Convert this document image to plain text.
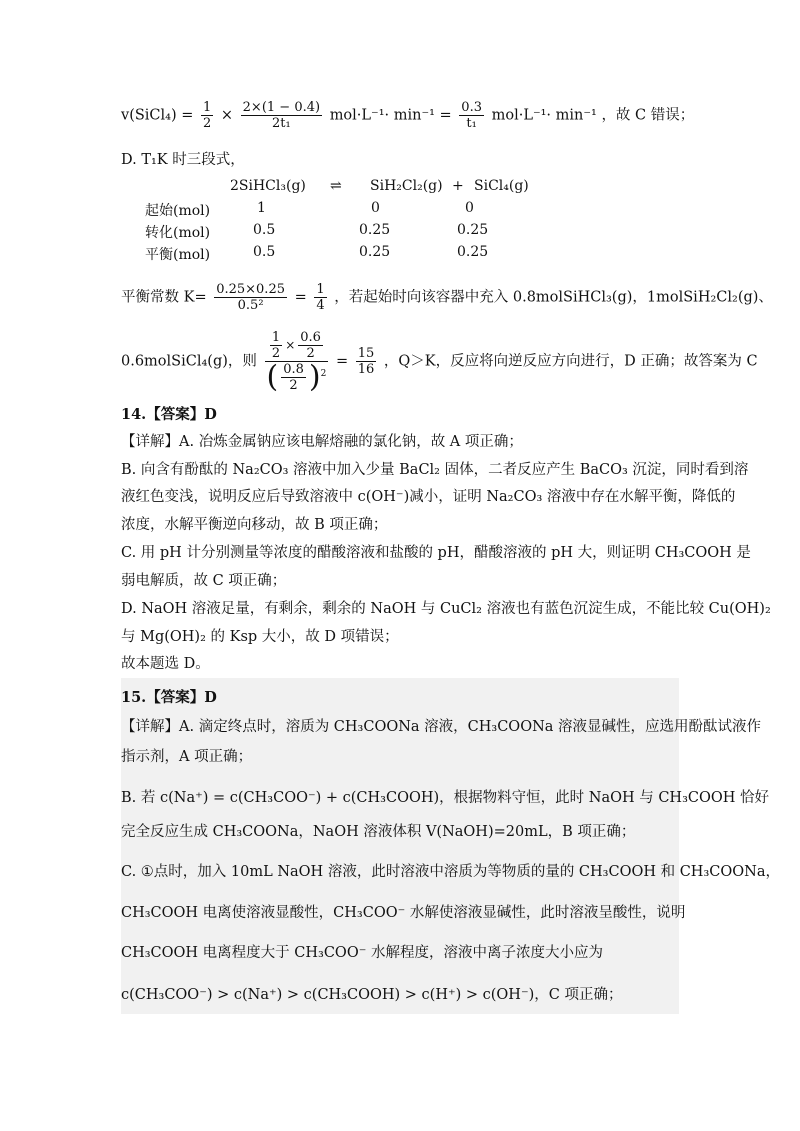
v(SiCl₄) = $\frac{1}{2} \times \frac{2\times(1 - 0.4)}{\text{2t₁}} mol\cdot L^{-1}\cdot \min^{-1} = \frac{0.3}{\text{t₁}} mol\cdot L^{-1}\cdot \min^{-1}$ ，故 C 错误；
D. T₁K 时三段式，
2SiHCl₃(g) ⇌ SiH₂Cl₂(g) + SiCl₄(g)
起始(mol)	1	0	0
转化(mol)	0.5	0.25	0.25
平衡(mol)	0.5	0.25	0.25
平衡常数 $K= \frac{0.25\times 0.25}{\text{0.5²}} = \frac{1}{4}$ ，若起始时向该容器中充入 0.8molSiHCl₃(g)，1molSiH₂Cl₂(g)、
0.6molSiCl₄(g)，则 $\frac{\frac{1}{2} \times \frac{0.6}{2}}{( \frac{0.8}{2} )^2} = \frac{15}{16}$ ，Q＞K，反应将向逆反应方向进行，D 正确；故答案为 C
14.【答案】D
【详解】A. 冶炼金属钠应该电解熔融的氯化钠，故 A 项正确；
B. 向含有酚酞的 Na₂CO₃ 溶液中加入少量 BaCl₂ 固体，二者反应产生 BaCO₃ 沉淀，同时看到溶
液红色变浅，说明反应后导致溶液中 c(OH⁻)减小，证明 Na₂CO₃ 溶液中存在水解平衡，降低的
浓度，水解平衡逆向移动，故 B 项正确；
C. 用 pH 计分别测量等浓度的醋酸溶液和盐酸的 pH，醋酸溶液的 pH 大，则证明 CH₃COOH 是
弱电解质，故 C 项正确；
D. NaOH 溶液足量，有剩余，剩余的 NaOH 与 CuCl₂ 溶液也有蓝色沉淀生成，不能比较 Cu(OH)₂
与 Mg(OH)₂ 的 Ksp 大小，故 D 项错误；
故本题选 D。
15.【答案】D
【详解】A. 滴定终点时，溶质为 CH₃COONa 溶液，CH₃COONa 溶液显碱性，应选用酚酞试液作
指示剂，A 项正确；
B. 若 c(Na⁺) = c(CH₃COO⁻) + c(CH₃COOH)，根据物料守恒，此时 NaOH 与 CH₃COOH 恰好
完全反应生成 CH₃COONa，NaOH 溶液体积 V(NaOH)=20mL，B 项正确；
C. ①点时，加入 10mL NaOH 溶液，此时溶液中溶质为等物质的量的 CH₃COOH 和 CH₃COONa，
CH₃COOH 电离使溶液显酸性，CH₃COO⁻ 水解使溶液显碱性，此时溶液呈酸性，说明
CH₃COOH 电离程度大于 CH₃COO⁻ 水解程度，溶液中离子浓度大小应为
c(CH₃COO⁻) > c(Na⁺) > c(CH₃COOH) > c(H⁺) > c(OH⁻)，C 项正确；
